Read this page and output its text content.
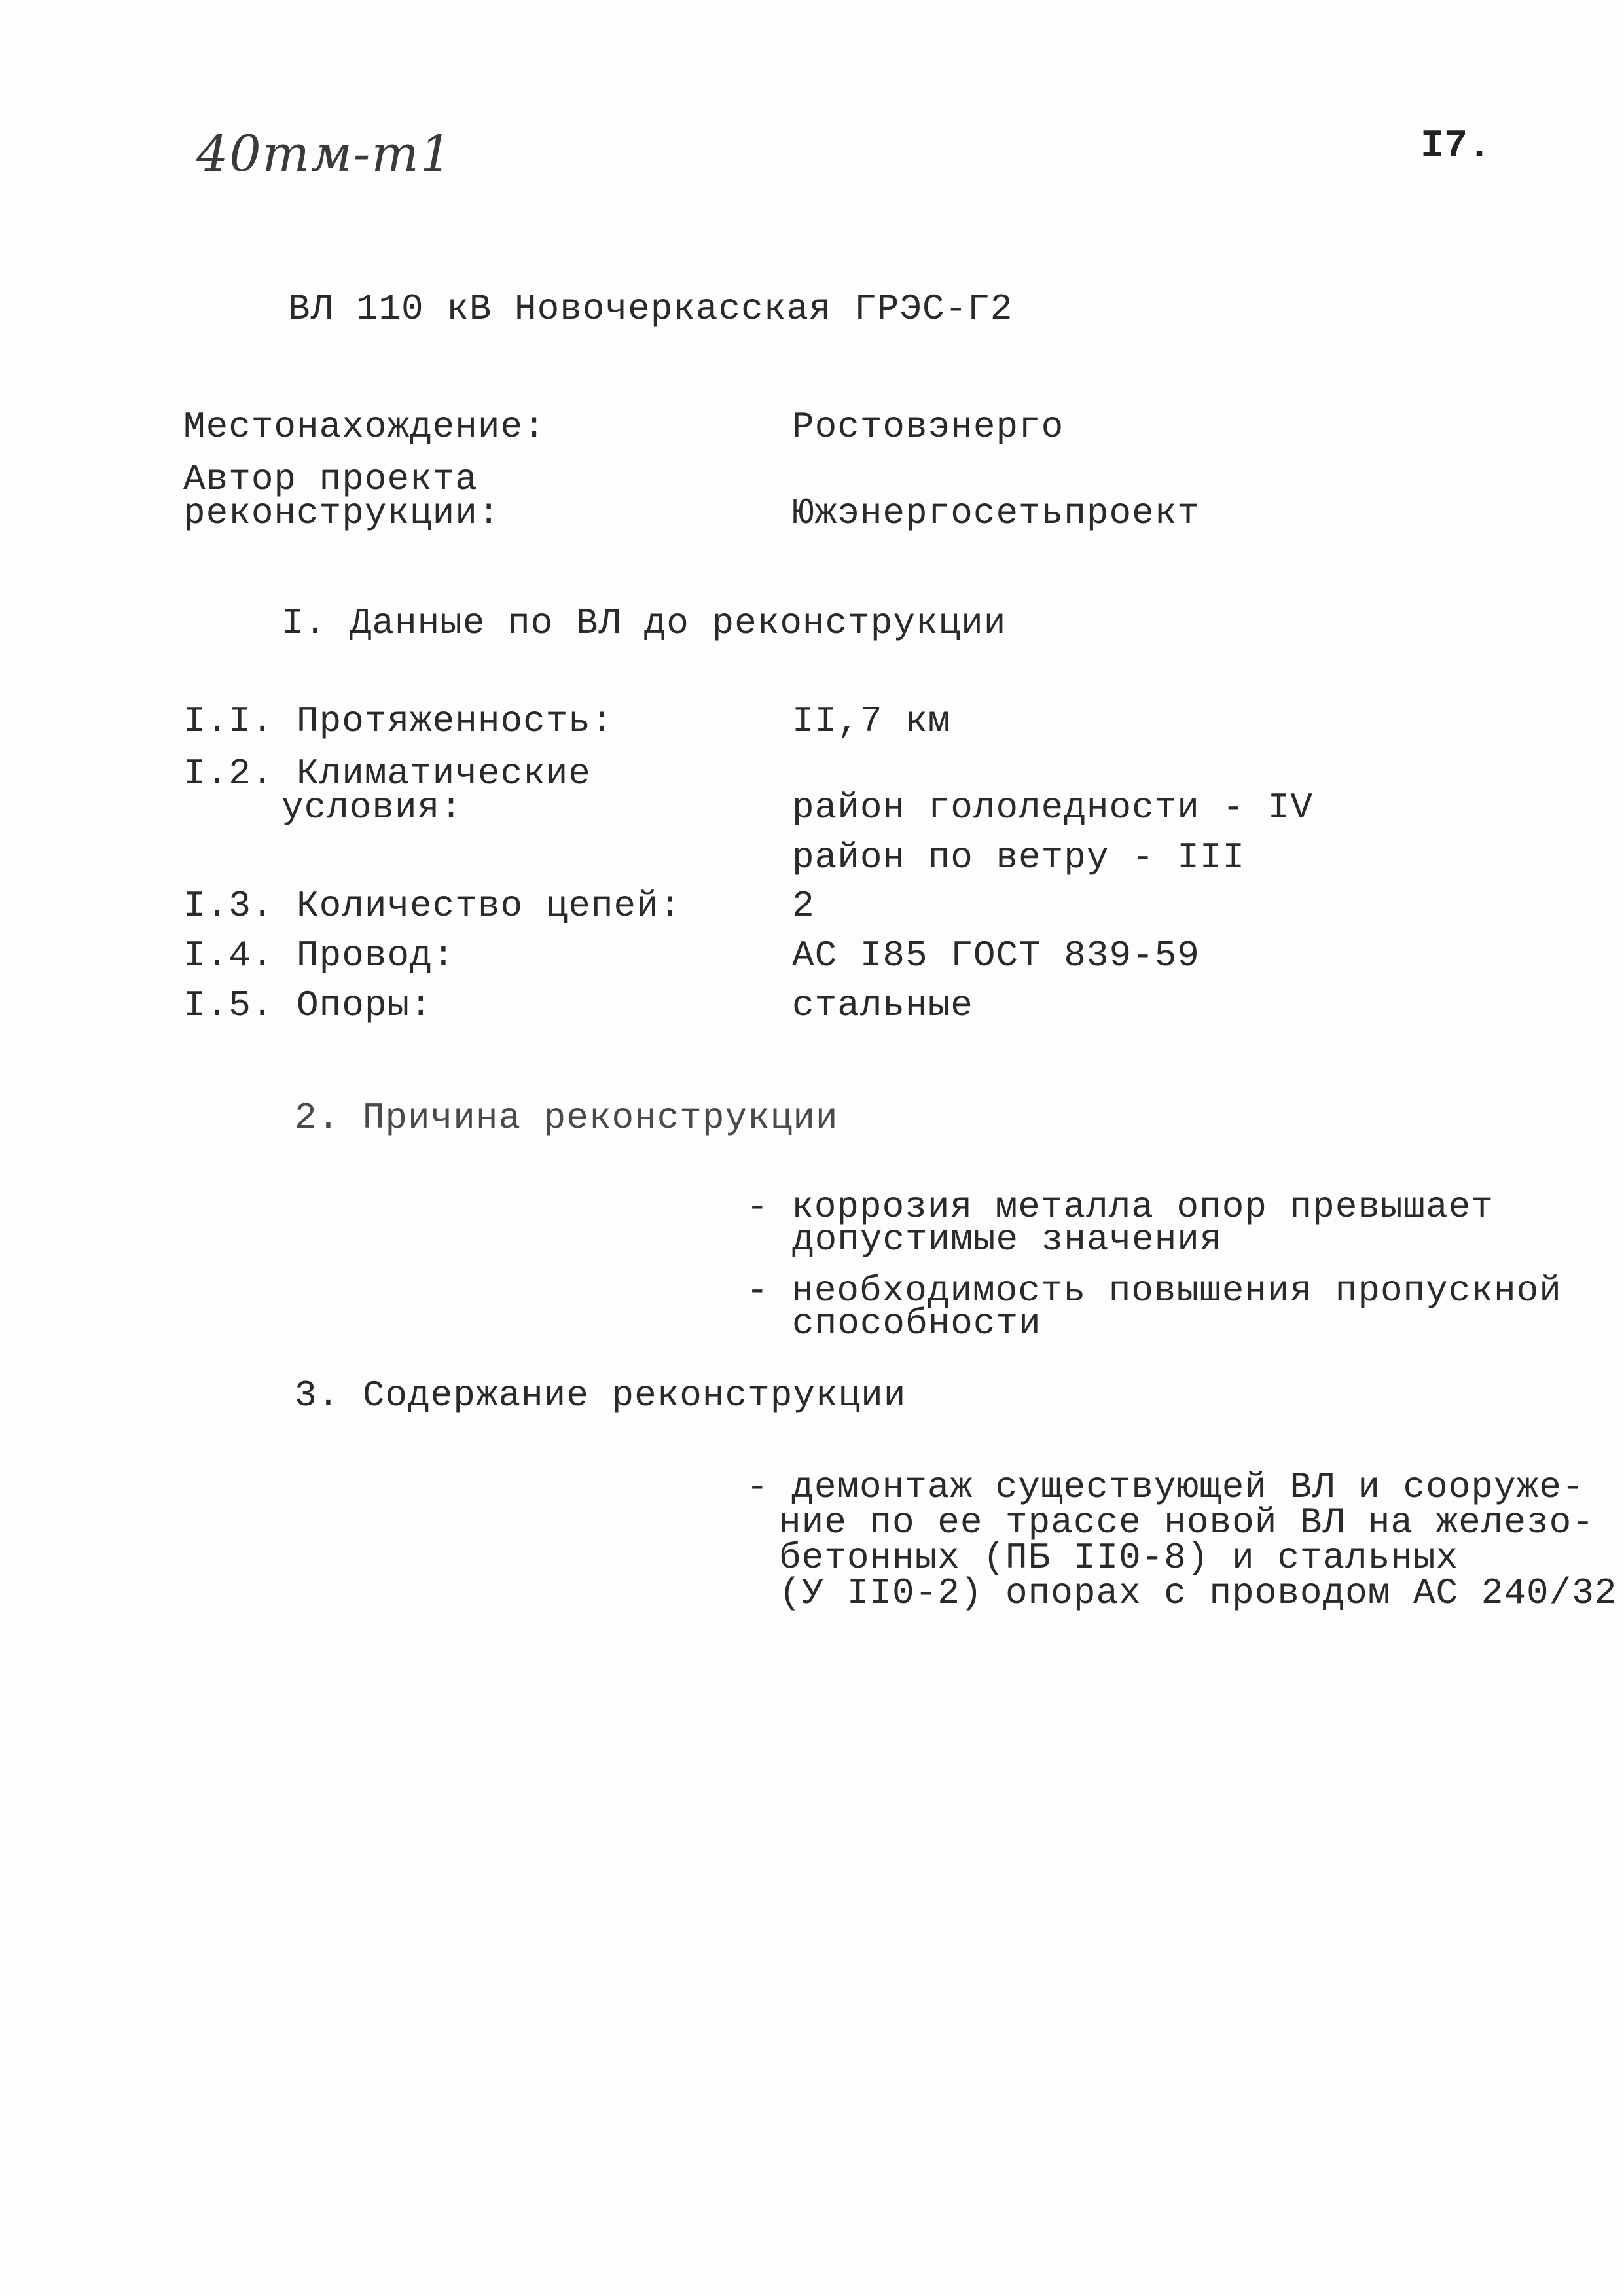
40тм-т1	I7.
ВЛ 110 кВ Новочеркасская ГРЭС-Г2
Местонахождение:	Ростовэнерго
Автор проекта
реконструкции:	Южэнергосетьпроект
I. Данные по ВЛ до реконструкции
I.I. Протяженность:	II,7 км
I.2. Климатические
условия:	район гололедности - IV
район по ветру - III
I.3. Количество цепей:	2
I.4. Провод:	АС I85 ГОСТ 839-59
I.5. Опоры:	стальные
2. Причина реконструкции
- коррозия металла опор превышает
допустимые значения
- необходимость повышения пропускной
способности
3. Содержание реконструкции
- демонтаж существующей ВЛ и сооруже-
ние по ее трассе новой ВЛ на железо-
бетонных (ПБ II0-8) и стальных
(У II0-2) опорах с проводом АС 240/32
